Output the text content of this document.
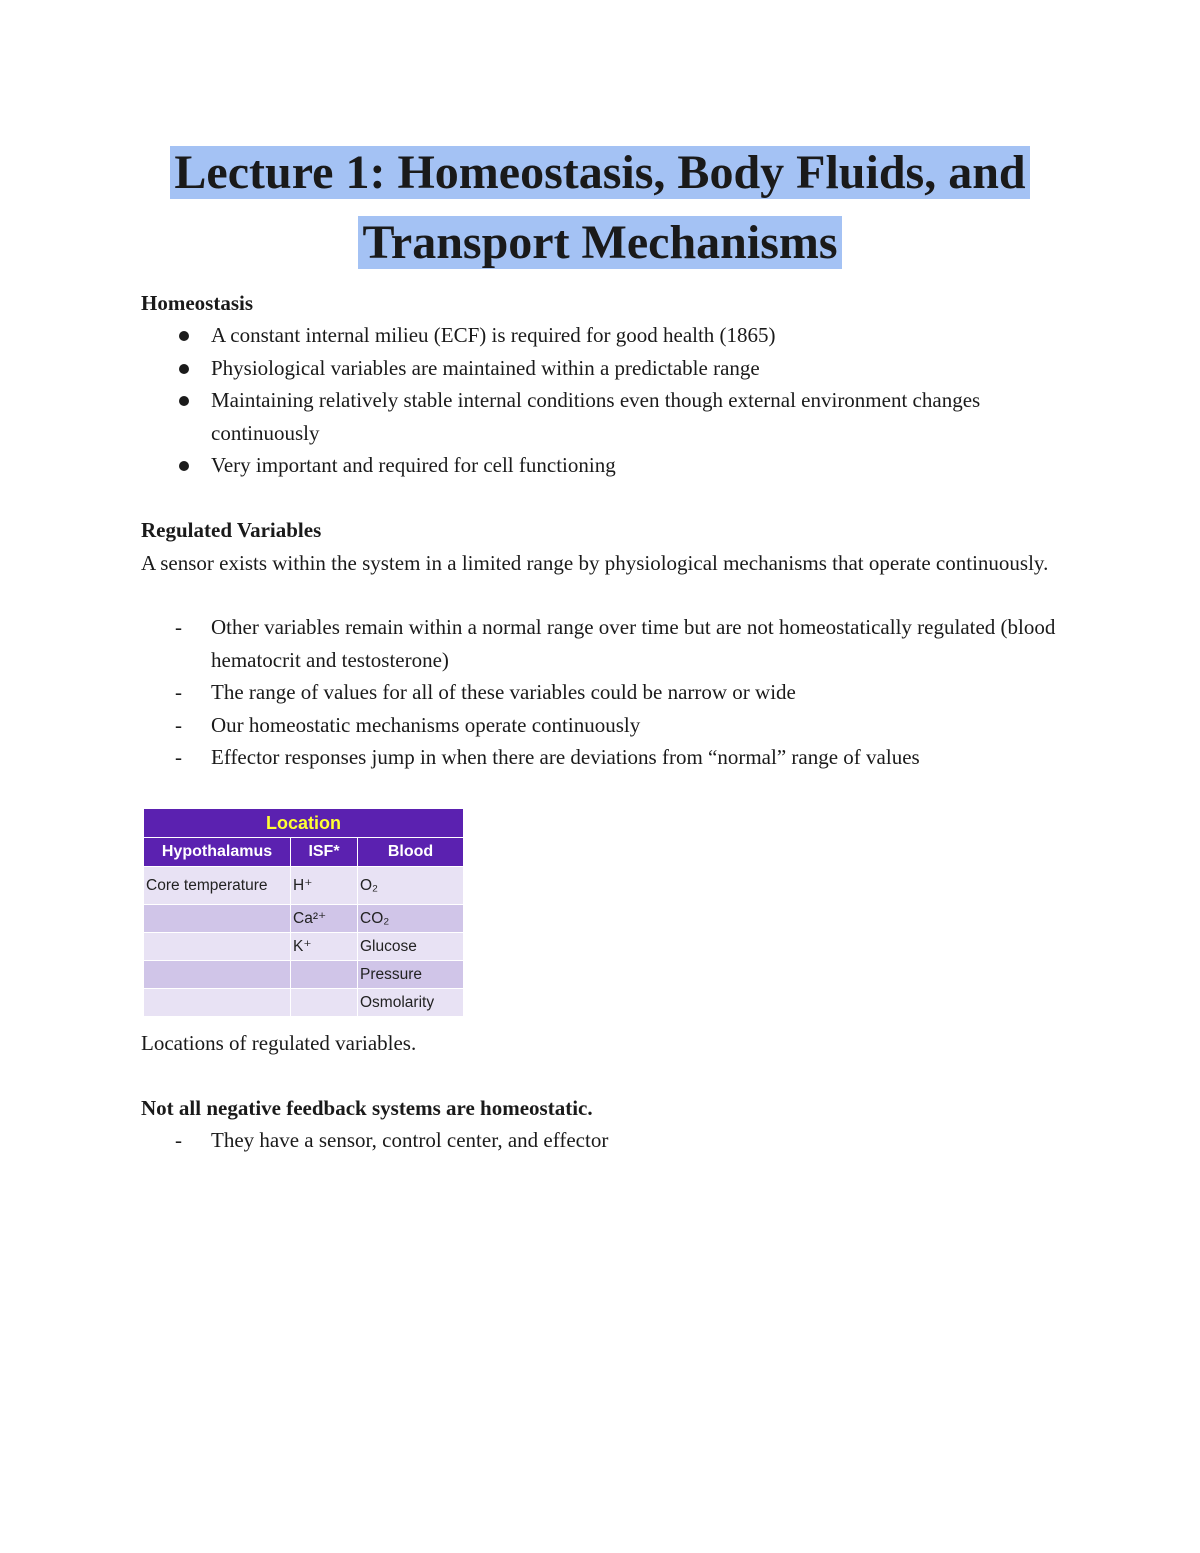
Lecture 1: Homeostasis, Body Fluids, and
Transport Mechanisms
Homeostasis
A constant internal milieu (ECF) is required for good health (1865)
Physiological variables are maintained within a predictable range
Maintaining relatively stable internal conditions even though external environment changes continuously
Very important and required for cell functioning
Regulated Variables
A sensor exists within the system in a limited range by physiological mechanisms that operate continuously.
- Other variables remain within a normal range over time but are not homeostatically regulated (blood hematocrit and testosterone)
- The range of values for all of these variables could be narrow or wide
- Our homeostatic mechanisms operate continuously
- Effector responses jump in when there are deviations from “normal” range of values
Location		
Hypothalamus	ISF*	Blood
Core temperature	H⁺	O₂
	Ca²⁺	CO₂
	K⁺	Glucose
		Pressure
		Osmolarity
Locations of regulated variables.
Not all negative feedback systems are homeostatic.
- They have a sensor, control center, and effector
